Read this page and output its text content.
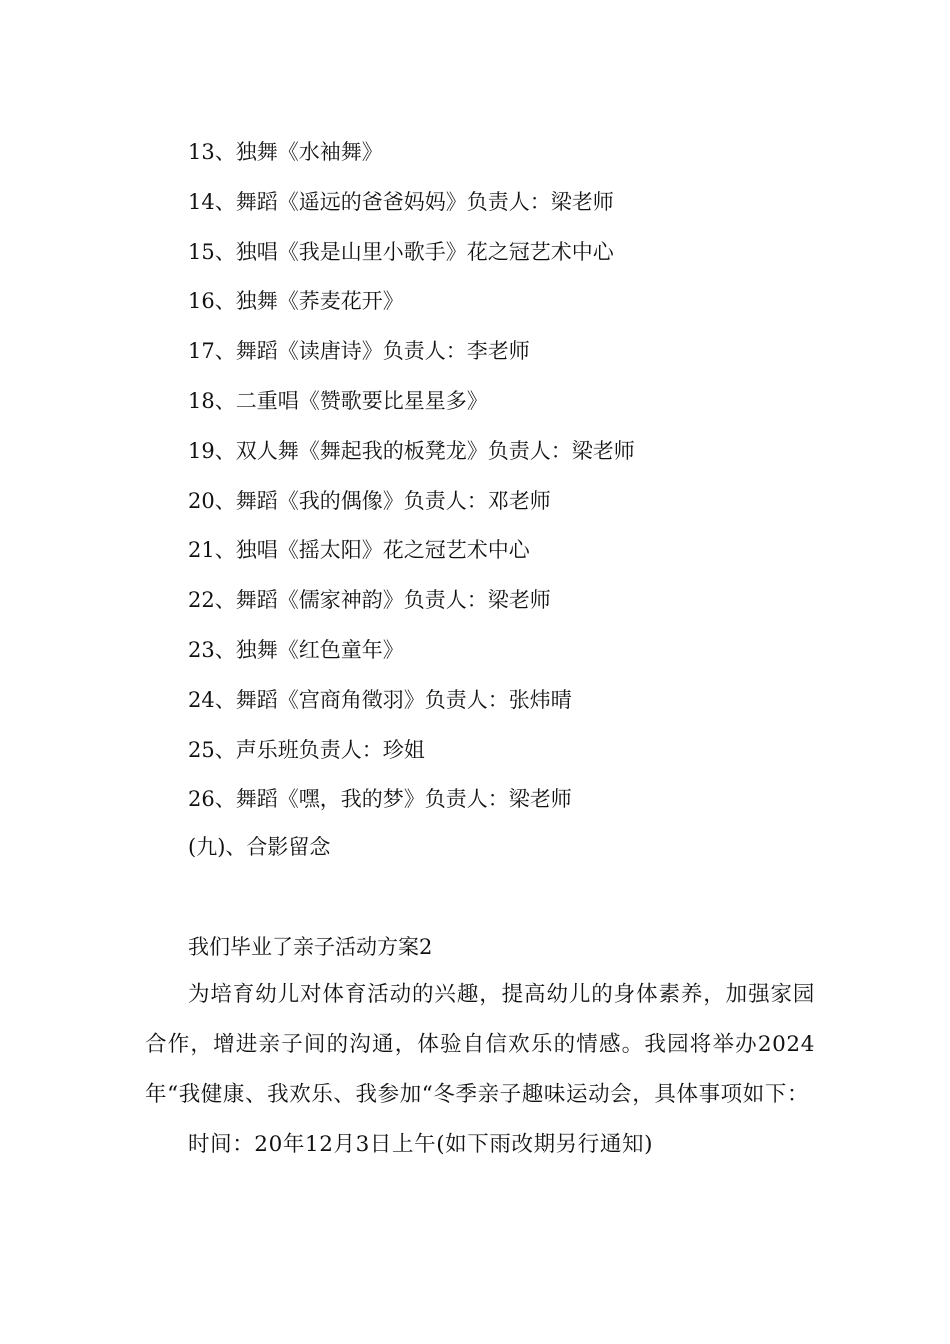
13、独舞《水袖舞》
14、舞蹈《遥远的爸爸妈妈》负责人：梁老师
15、独唱《我是山里小歌手》花之冠艺术中心
16、独舞《荞麦花开》
17、舞蹈《读唐诗》负责人：李老师
18、二重唱《赞歌要比星星多》
19、双人舞《舞起我的板凳龙》负责人：梁老师
20、舞蹈《我的偶像》负责人：邓老师
21、独唱《摇太阳》花之冠艺术中心
22、舞蹈《儒家神韵》负责人：梁老师
23、独舞《红色童年》
24、舞蹈《宫商角徵羽》负责人：张炜晴
25、声乐班负责人：珍姐
26、舞蹈《嘿，我的梦》负责人：梁老师
(九)、合影留念
我们毕业了亲子活动方案2

为培育幼儿对体育活动的兴趣，提高幼儿的身体素养，加强家园合作，增进亲子间的沟通，体验自信欢乐的情感。我园将举办2024年“我健康、我欢乐、我参加“冬季亲子趣味运动会，具体事项如下：

时间：20年12月3日上午(如下雨改期另行通知)
